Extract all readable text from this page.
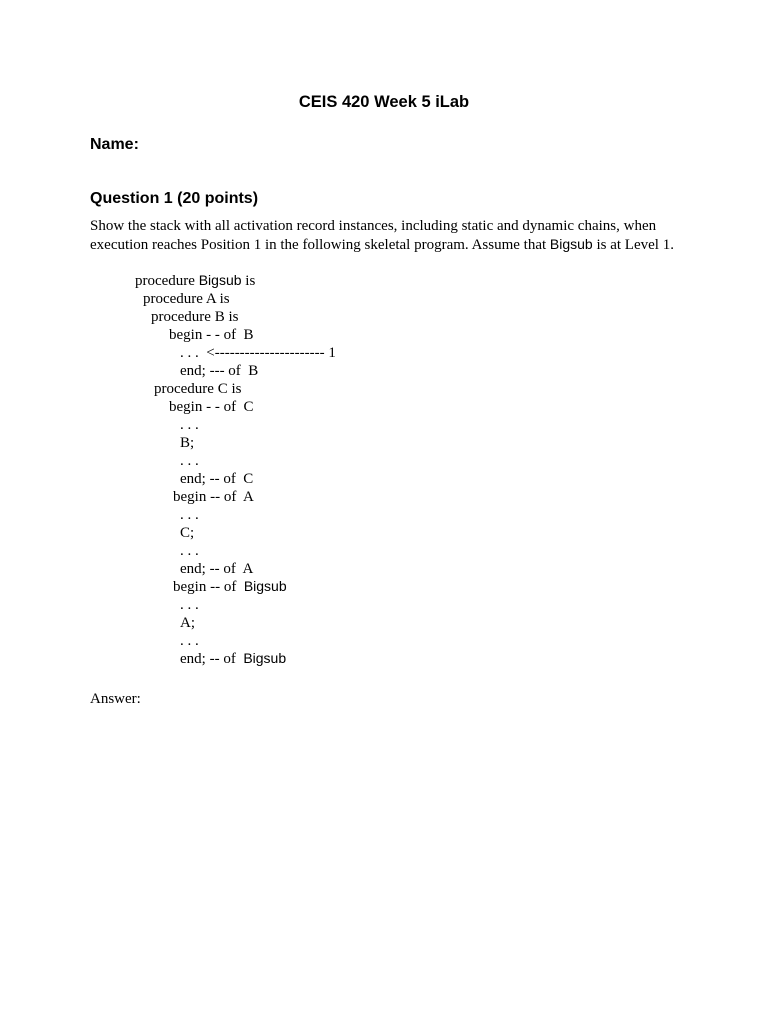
CEIS 420 Week 5 iLab
Name:
Question 1 (20 points)

Show the stack with all activation record instances, including static and dynamic chains, when execution reaches Position 1 in the following skeletal program. Assume that Bigsub is at Level 1.

procedure Bigsub is
procedure A is
procedure B is
begin - - of  B
. . .  <---------------------- 1
end; --- of  B
procedure C is
begin - - of  C
. . .
B;
. . .
end; -- of  C
begin -- of  A
. . .
C;
. . .
end; -- of  A
begin -- of  Bigsub
. . .
A;
. . .
end; -- of  Bigsub

Answer:
